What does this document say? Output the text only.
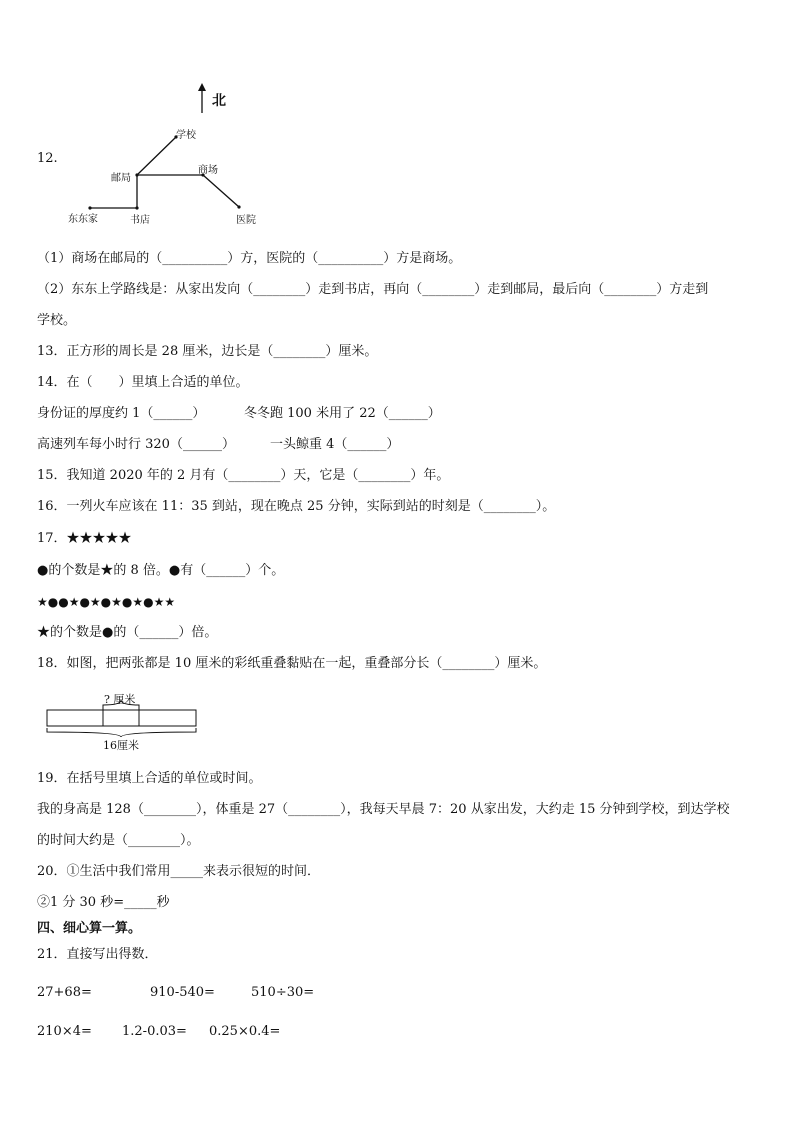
北
学校
邮局
商场
东东家	书店	医院
12.
（1）商场在邮局的（__________）方，医院的（__________）方是商场。
（2）东东上学路线是：从家出发向（________）走到书店，再向（________）走到邮局，最后向（________）方走到
学校。
13．正方形的周长是 28 厘米，边长是（________）厘米。
14．在（　　）里填上合适的单位。
身份证的厚度约 1（______）	冬冬跑 100 米用了 22（______）
高速列车每小时行 320（______）	一头鲸重 4（______）
15．我知道 2020 年的 2 月有（________）天，它是（________）年。
16．一列火车应该在 11：35 到站，现在晚点 25 分钟，实际到站的时刻是（________）。
17．★★★★★
●的个数是★的 8 倍。●有（______）个。
★●●★●★●★●★●★★
★的个数是●的（______）倍。
18．如图，把两张都是 10 厘米的彩纸重叠黏贴在一起，重叠部分长（________）厘米。
? 厘米
16厘米
19．在括号里填上合适的单位或时间。
我的身高是 128（________），体重是 27（________），我每天早晨 7：20 从家出发，大约走 15 分钟到学校，到达学校
的时间大约是（________）。
20．①生活中我们常用_____来表示很短的时间．
②1 分 30 秒=_____秒
四、细心算一算。
21．直接写出得数．
27+68=	910-540=	510÷30=
210×4= 1.2-0.03= 0.25×0.4=
